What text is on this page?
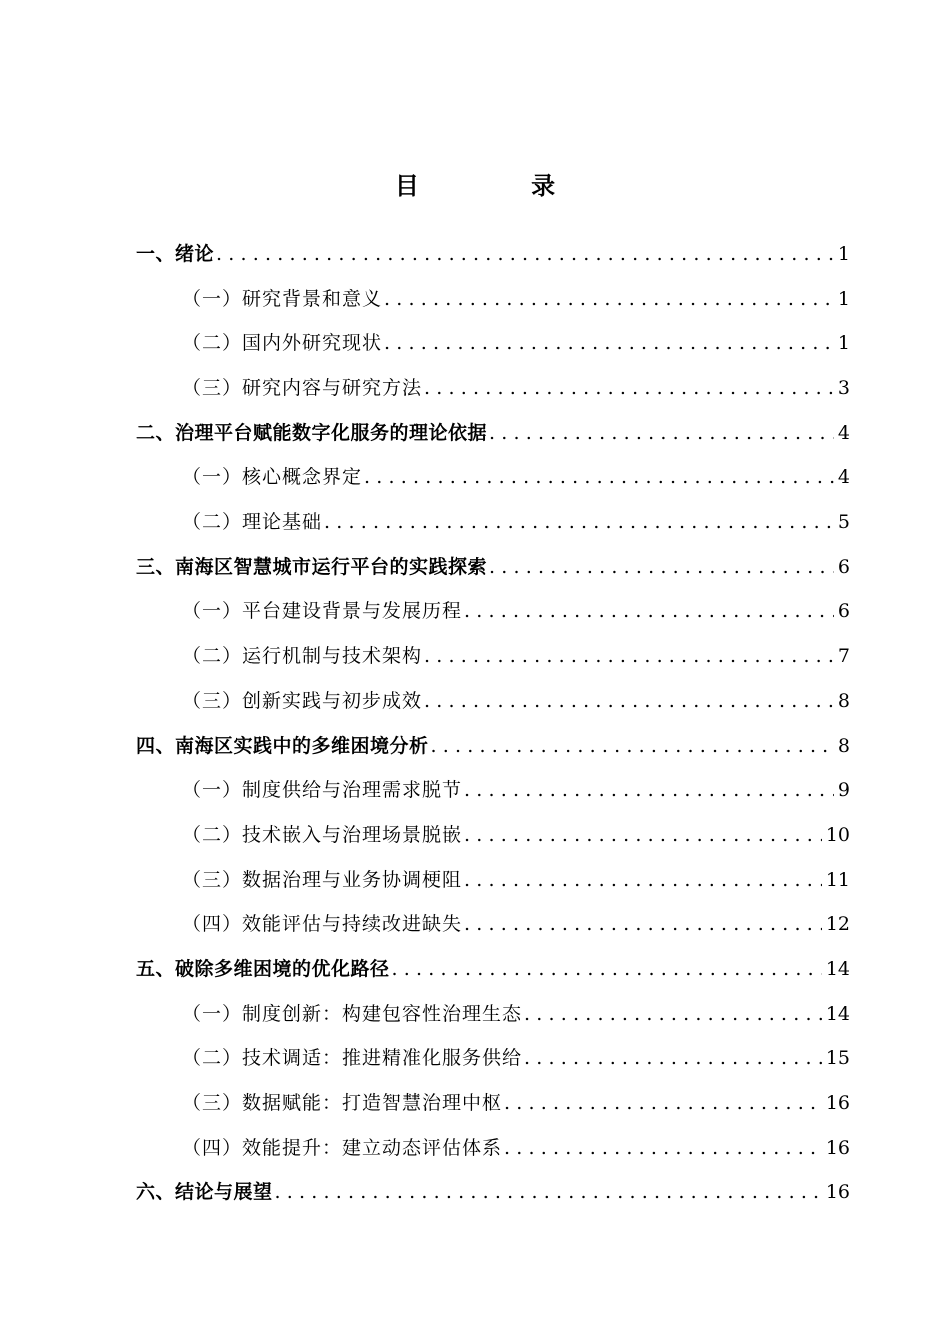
目 录
一、绪论 .....	1
（一）研究背景和意义 .....	1
（二）国内外研究现状 .....	1
（三）研究内容与研究方法 .....	3
二、治理平台赋能数字化服务的理论依据 .....	4
（一）核心概念界定 .....	4
（二）理论基础 .....	5
三、南海区智慧城市运行平台的实践探索 .....	6
（一）平台建设背景与发展历程 .....	6
（二）运行机制与技术架构 .....	7
（三）创新实践与初步成效 .....	8
四、南海区实践中的多维困境分析 .....	8
（一）制度供给与治理需求脱节 .....	9
（二）技术嵌入与治理场景脱嵌 .....	10
（三）数据治理与业务协调梗阻 .....	11
（四）效能评估与持续改进缺失 .....	12
五、破除多维困境的优化路径 .....	14
（一）制度创新：构建包容性治理生态 .....	14
（二）技术调适：推进精准化服务供给 .....	15
（三）数据赋能：打造智慧治理中枢 .....	16
（四）效能提升：建立动态评估体系 .....	16
六、结论与展望 .....	16
